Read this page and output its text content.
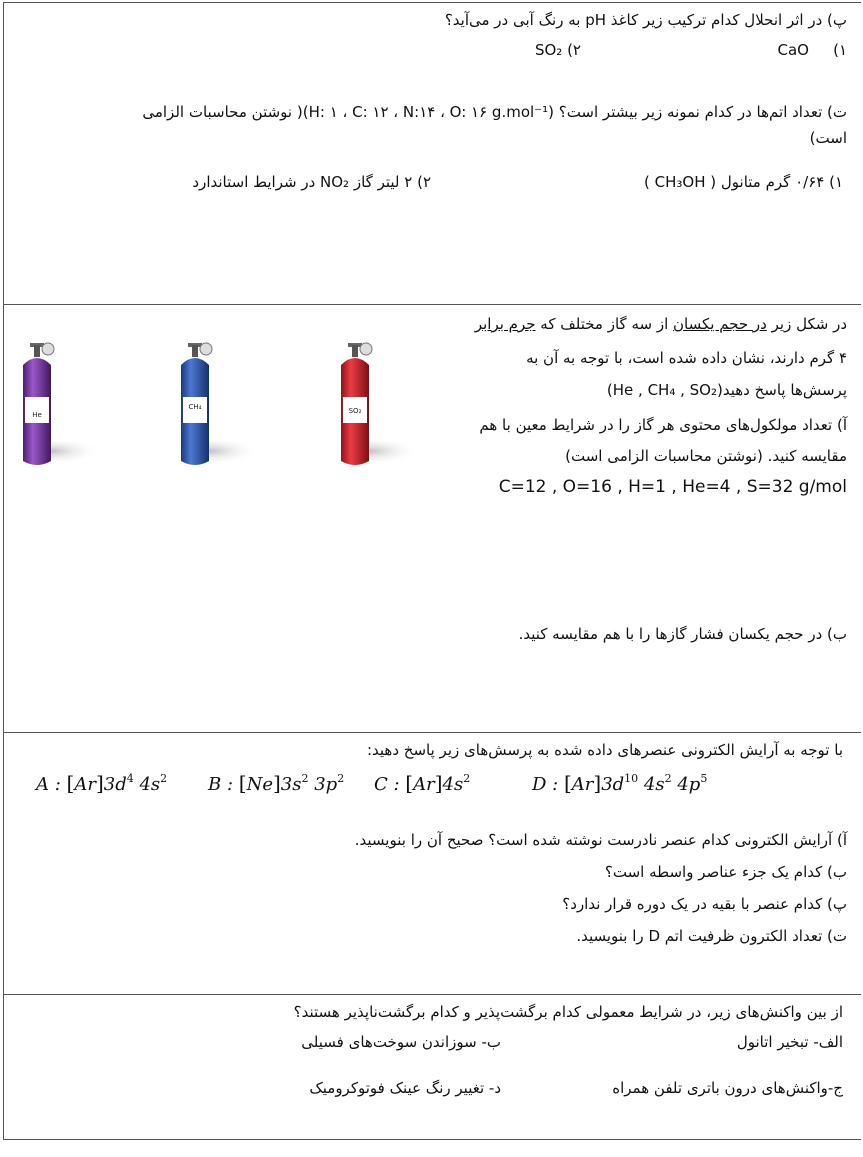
پ) در اثر انحلال کدام ترکیب زیر کاغذ pH به رنگ آبی در می‌آید؟
۱)
CaO
SO₂ (۲
ت) تعداد اتم‌ها در کدام نمونه زیر بیشتر است؟ (H: ۱ ، C: ۱۲ ، N:۱۴ ، O: ۱۶ g.mol⁻¹)( نوشتن محاسبات الزامی
است)
۱) ۰/۶۴ گرم متانول ( CH₃OH )
۲) ۲ لیتر گاز NO₂ در شرایط استاندارد
در شکل زیر در حجم یکسان از سه گاز مختلف که جرم برابر
۴ گرم دارند، نشان داده شده است، با توجه به آن به
پرسش‌ها پاسخ دهید(He , CH₄ , SO₂)
آ) تعداد مولکول‌های محتوی هر گاز را در شرایط معین با هم
مقایسه کنید. (نوشتن محاسبات الزامی است)
C=12 , O=16 , H=1 , He=4 , S=32 g/mol
ب) در حجم یکسان فشار گازها را با هم مقایسه کنید.
SO₂
CH₄
He
با توجه به آرایش الکترونی عنصرهای داده شده به پرسش‌های زیر پاسخ دهید:
A : $[Ar]3d^4$ $4s^2$ B : $[Ne]3s^2$ $3p^2$ C : $[Ar]4s^2$	D : $[Ar]3d^{10}$ $4s^2$ $4p^5$
آ) آرایش الکترونی کدام عنصر نادرست نوشته شده است؟ صحیح آن را بنویسید.
ب) کدام یک جزء عناصر واسطه است؟
پ) کدام عنصر با بقیه در یک دوره قرار ندارد؟
ت) تعداد الکترون ظرفیت اتم D را بنویسید.
از بین واکنش‌های زیر، در شرایط معمولی کدام برگشت‌پذیر و کدام برگشت‌ناپذیر هستند؟
الف- تبخیر اتانول
ب- سوزاندن سوخت‌های فسیلی
ج-واکنش‌های درون باتری تلفن همراه
د- تغییر رنگ عینک فوتوکرومیک
